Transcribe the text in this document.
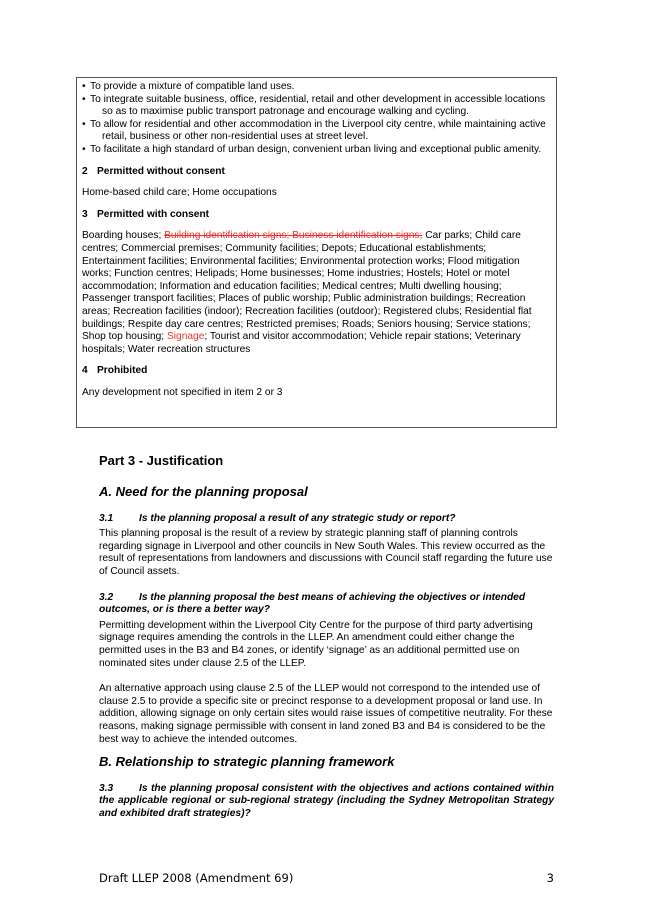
• To provide a mixture of compatible land uses.

• To integrate suitable business, office, residential, retail and other development in accessible locations so as to maximise public transport patronage and encourage walking and cycling.

• To allow for residential and other accommodation in the Liverpool city centre, while maintaining active retail, business or other non-residential uses at street level.

• To facilitate a high standard of urban design, convenient urban living and exceptional public amenity.

2 Permitted without consent
Home-based child care; Home occupations
3 Permitted with consent
Boarding houses; Building identification signs; Business identification signs; Car parks; Child care centres; Commercial premises; Community facilities; Depots; Educational establishments; Entertainment facilities; Environmental facilities; Environmental protection works; Flood mitigation works; Function centres; Helipads; Home businesses; Home industries; Hostels; Hotel or motel accommodation; Information and education facilities; Medical centres; Multi dwelling housing; Passenger transport facilities; Places of public worship; Public administration buildings; Recreation areas; Recreation facilities (indoor); Recreation facilities (outdoor); Registered clubs; Residential flat buildings; Respite day care centres; Restricted premises; Roads; Seniors housing; Service stations; Shop top housing; Signage; Tourist and visitor accommodation; Vehicle repair stations; Veterinary hospitals; Water recreation structures
4 Prohibited
Any development not specified in item 2 or 3
Part 3 - Justification
A. Need for the planning proposal
3.1	Is the planning proposal a result of any strategic study or report?

This planning proposal is the result of a review by strategic planning staff of planning controls regarding signage in Liverpool and other councils in New South Wales. This review occurred as the result of representations from landowners and discussions with Council staff regarding the future use of Council assets.

3.2	Is the planning proposal the best means of achieving the objectives or intended outcomes, or is there a better way?

Permitting development within the Liverpool City Centre for the purpose of third party advertising signage requires amending the controls in the LLEP. An amendment could either change the permitted uses in the B3 and B4 zones, or identify ‘signage’ as an additional permitted use on nominated sites under clause 2.5 of the LLEP.

An alternative approach using clause 2.5 of the LLEP would not correspond to the intended use of clause 2.5 to provide a specific site or precinct response to a development proposal or land use. In addition, allowing signage on only certain sites would raise issues of competitive neutrality. For these reasons, making signage permissible with consent in land zoned B3 and B4 is considered to be the best way to achieve the intended outcomes.

B. Relationship to strategic planning framework
3.3	Is the planning proposal consistent with the objectives and actions contained within the applicable regional or sub-regional strategy (including the Sydney Metropolitan Strategy and exhibited draft strategies)?
Draft LLEP 2008 (Amendment 69)	3
